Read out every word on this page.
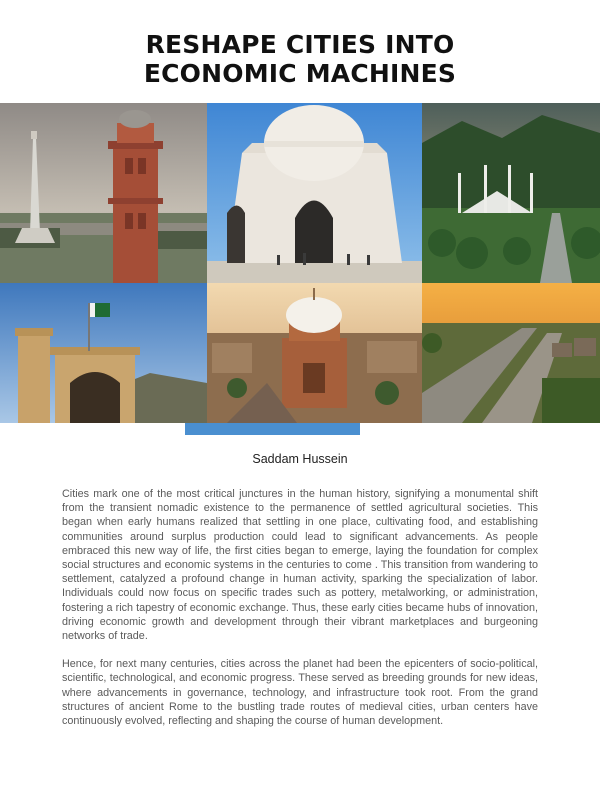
RESHAPE CITIES INTO
ECONOMIC MACHINES
Saddam Hussein

Cities mark one of the most critical junctures in the human history, signifying a monumental shift from the transient nomadic existence to the permanence of settled agricultural societies. This began when early humans realized that settling in one place, cultivating food, and establishing communities around surplus production could lead to significant advancements. As people embraced this new way of life, the first cities began to emerge, laying the foundation for complex social structures and economic systems in the centuries to come . This transition from wandering to settlement, catalyzed a profound change in human activity, sparking the specialization of labor. Individuals could now focus on specific trades such as pottery, metalworking, or administration, fostering a rich tapestry of economic exchange. Thus, these early cities became hubs of innovation, driving economic growth and development through their vibrant marketplaces and burgeoning networks of trade.

Hence, for next many centuries, cities across the planet had been the epicenters of socio-political, scientific, technological, and economic progress. These served as breeding grounds for new ideas, where advancements in governance, technology, and infrastructure took root. From the grand structures of ancient Rome to the bustling trade routes of medieval cities, urban centers have continuously evolved, reflecting and shaping the course of human development.
